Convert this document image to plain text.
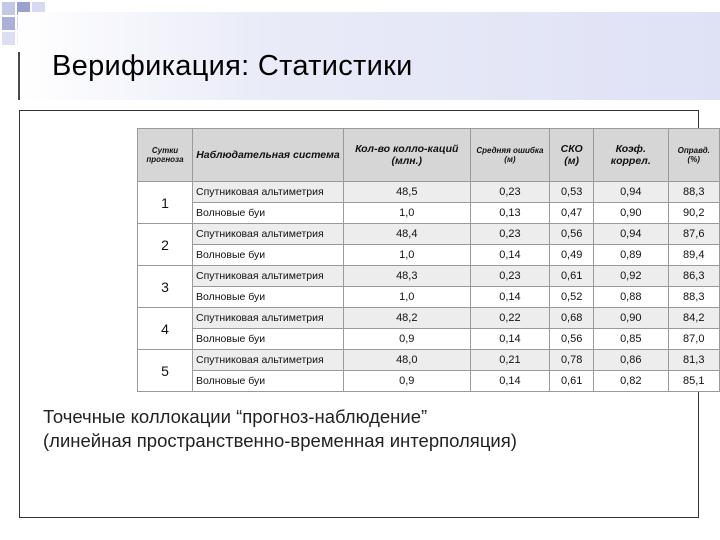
Верификация: Статистики
Сутки прогноза	Наблюдательная система	Кол-во колло-каций (млн.)	Средняя ошибка (м)	СКО (м)	Коэф. коррел.	Оправд. (%)
1	Спутниковая альтиметрия	48,5	0,23	0,53	0,94	88,3
	Волновые буи	1,0	0,13	0,47	0,90	90,2
2	Спутниковая альтиметрия	48,4	0,23	0,56	0,94	87,6
	Волновые буи	1,0	0,14	0,49	0,89	89,4
3	Спутниковая альтиметрия	48,3	0,23	0,61	0,92	86,3
	Волновые буи	1,0	0,14	0,52	0,88	88,3
4	Спутниковая альтиметрия	48,2	0,22	0,68	0,90	84,2
	Волновые буи	0,9	0,14	0,56	0,85	87,0
5	Спутниковая альтиметрия	48,0	0,21	0,78	0,86	81,3
	Волновые буи	0,9	0,14	0,61	0,82	85,1
Точечные коллокации “прогноз-наблюдение”
(линейная пространственно-временная интерполяция)
